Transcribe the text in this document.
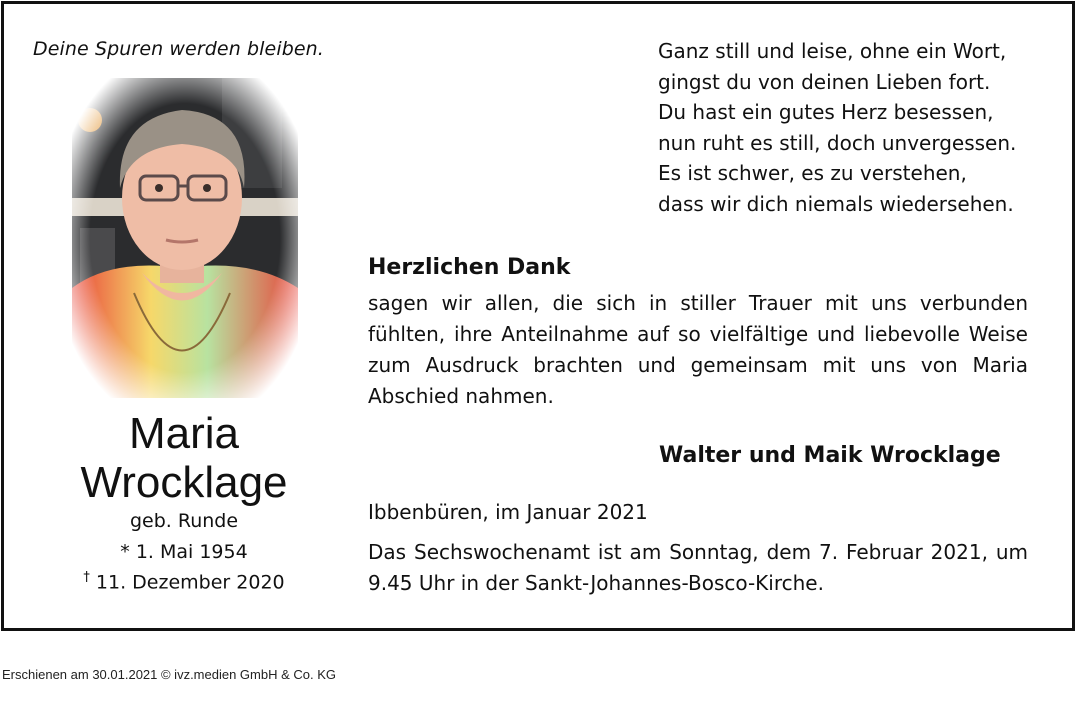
Deine Spuren werden bleiben.
Maria
Wrocklage
geb. Runde
* 1. Mai 1954
† 11. Dezember 2020
Ganz still und leise, ohne ein Wort,
gingst du von deinen Lieben fort.
Du hast ein gutes Herz besessen,
nun ruht es still, doch unvergessen.
Es ist schwer, es zu verstehen,
dass wir dich niemals wiedersehen.
Herzlichen Dank
sagen wir allen, die sich in stiller Trauer mit uns verbunden fühlten, ihre Anteilnahme auf so vielfältige und liebevolle Weise zum Ausdruck brachten und gemeinsam mit uns von Maria Abschied nahmen.
Walter und Maik Wrocklage
Ibbenbüren, im Januar 2021
Das Sechswochenamt ist am Sonntag, dem 7. Februar 2021, um 9.45 Uhr in der Sankt-Johannes-Bosco-Kirche.
Erschienen am 30.01.2021 © ivz.medien GmbH & Co. KG
